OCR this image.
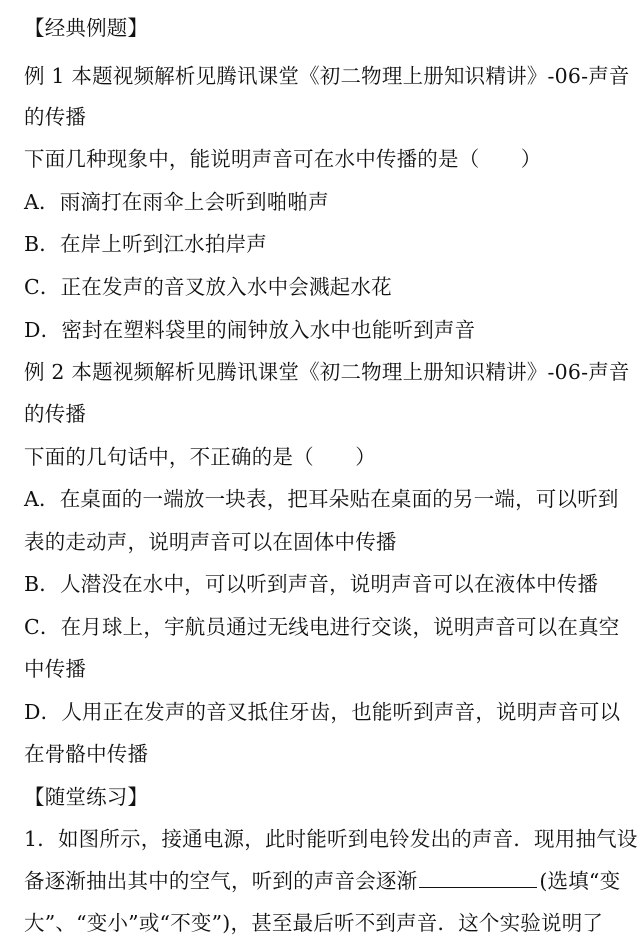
【经典例题】
例 1 本题视频解析见腾讯课堂《初二物理上册知识精讲》-06-声音
的传播
下面几种现象中，能说明声音可在水中传播的是（　　）
A．雨滴打在雨伞上会听到啪啪声
B．在岸上听到江水拍岸声
C．正在发声的音叉放入水中会溅起水花
D．密封在塑料袋里的闹钟放入水中也能听到声音
例 2 本题视频解析见腾讯课堂《初二物理上册知识精讲》-06-声音
的传播
下面的几句话中，不正确的是（　　）
A．在桌面的一端放一块表，把耳朵贴在桌面的另一端，可以听到
表的走动声，说明声音可以在固体中传播
B．人潜没在水中，可以听到声音，说明声音可以在液体中传播
C．在月球上，宇航员通过无线电进行交谈，说明声音可以在真空
中传播
D．人用正在发声的音叉抵住牙齿，也能听到声音，说明声音可以
在骨骼中传播
【随堂练习】
1．如图所示，接通电源，此时能听到电铃发出的声音．现用抽气设
备逐渐抽出其中的空气，听到的声音会逐渐	(选填“变
大”、“变小”或“不变”)，甚至最后听不到声音．这个实验说明了
